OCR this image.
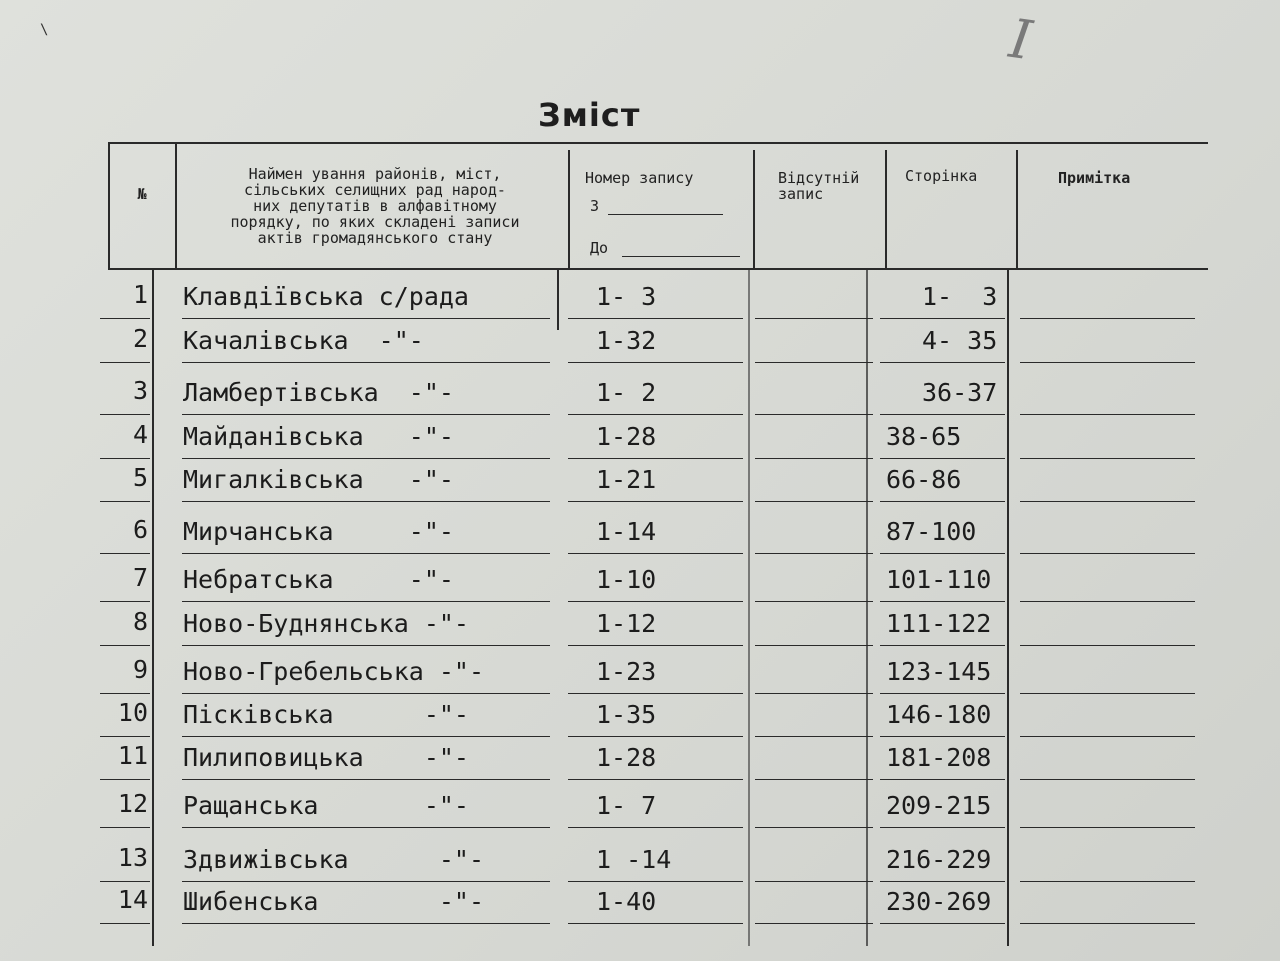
\	I
Зміст
№
Наймен ування районів, міст,
сільських селищних рад народ-
них депутатів в алфавітному
порядку, по яких складені записи
актів громадянського стану
Номер запису
З
До
Відсутній
запис
Сторінка	Примітка
1 Клавдіївська с/рада	1- 3	1-  3
2 Качалівська  -"-	1-32	4- 35
3 Ламбертівська  -"-	1- 2	36-37
4 Майданівська   -"-	1-28	38-65
5 Мигалківська   -"-	1-21	66-86
6 Мирчанська     -"-	1-14	87-100
7 Небратська     -"-	1-10	101-110
8 Ново-Буднянська -"-	1-12	111-122
9 Ново-Гребельська -"-	1-23	123-145
10 Пісківська      -"-	1-35	146-180
11 Пилиповицька    -"-	1-28	181-208
12 Ращанська       -"-	1- 7	209-215
13 Здвижівська      -"-	1 -14	216-229
14 Шибенська        -"-	1-40	230-269
